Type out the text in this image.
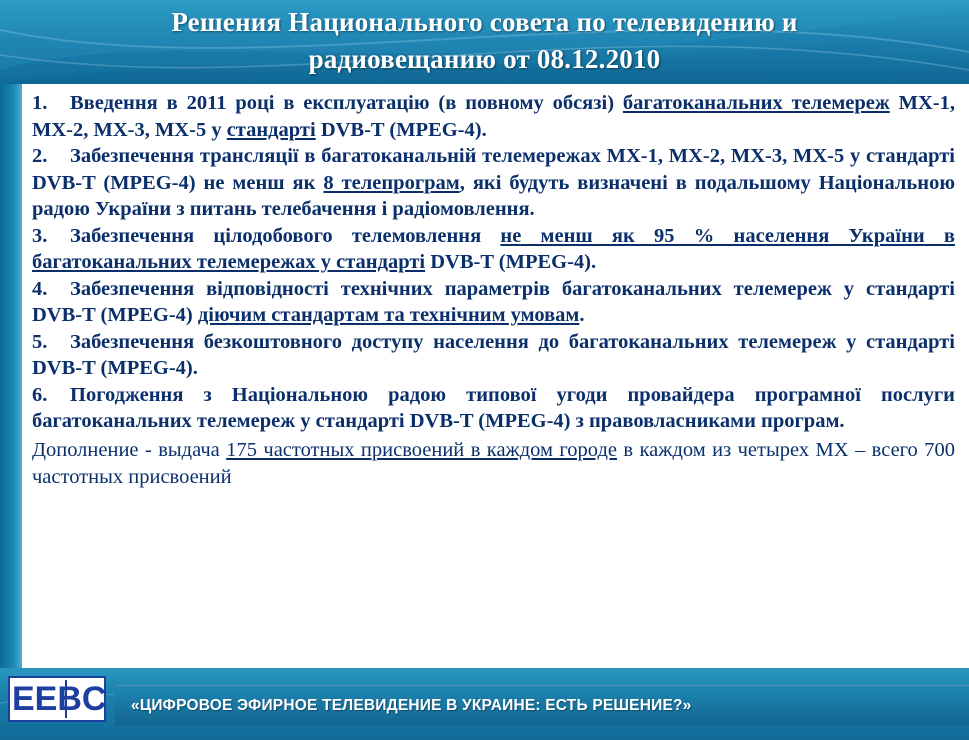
Решения Национального совета по телевидению и
радиовещанию от 08.12.2010

1. Введення в 2011 році в експлуатацію (в повному обсязі) багатоканальних телемереж МХ-1, МХ-2, МХ-3, МХ-5 у стандарті DVB-T (MPEG-4).

2. Забезпечення трансляції в багатоканальній телемережах МХ-1, МХ-2, МХ-3, МХ-5 у стандарті DVB-T (MPEG-4) не менш як 8 телепрограм, які будуть визначені в подальшому Національною радою України з питань телебачення і радіомовлення.

3. Забезпечення цілодобового телемовлення не менш як 95 % населення України в багатоканальних телемережах у стандарті DVB-T (MPEG-4).

4. Забезпечення відповідності технічних параметрів багатоканальних телемереж у стандарті DVB-T (MPEG-4) діючим стандартам та технічним умовам.

5. Забезпечення безкоштовного доступу населення до багатоканальних телемереж у стандарті DVB-T (MPEG-4).

6. Погодження з Національною радою типової угоди провайдера програмної послуги багатоканальних телемереж у стандарті DVB-T (MPEG-4) з правовласниками програм.

Дополнение - выдача 175 частотных присвоений в каждом городе в каждом из четырех МХ – всего 700 частотных присвоений
EEBC	«ЦИФРОВОЕ ЭФИРНОЕ ТЕЛЕВИДЕНИЕ В УКРАИНЕ: ЕСТЬ РЕШЕНИЕ?»
